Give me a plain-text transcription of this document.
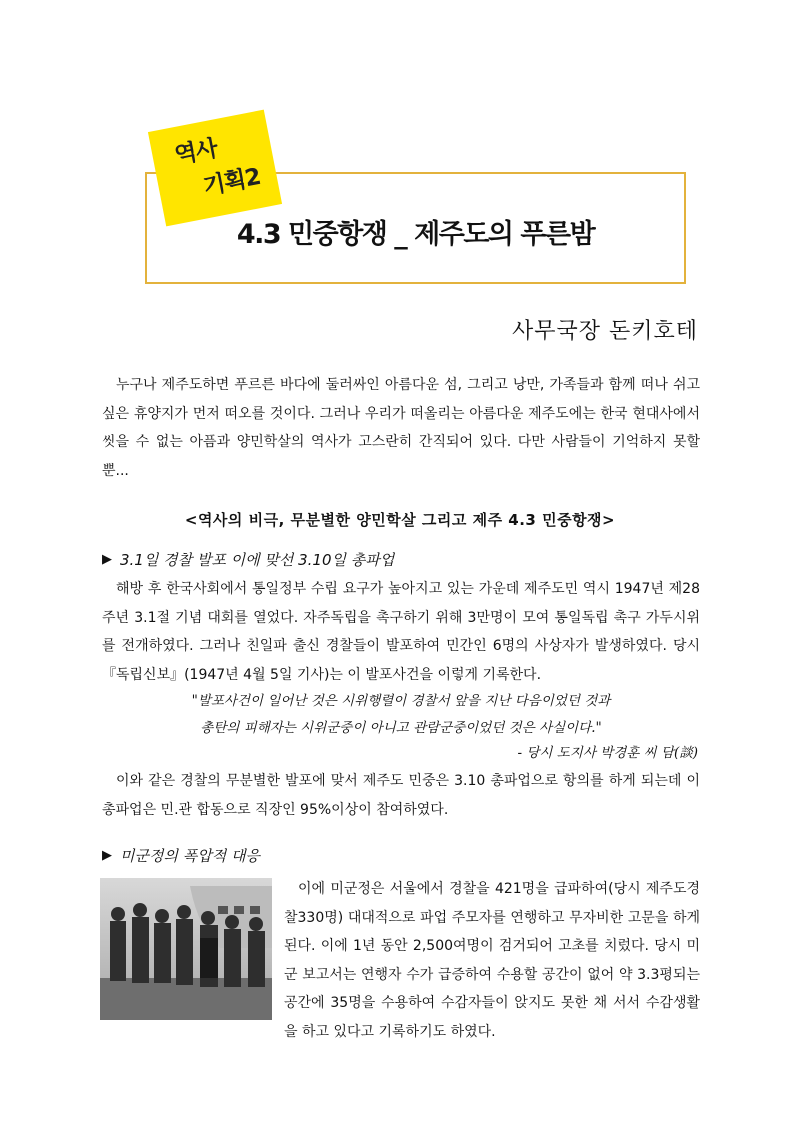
역사
기획2
4.3 민중항쟁 _ 제주도의 푸른밤
사무국장 돈키호테

누구나 제주도하면 푸르른 바다에 둘러싸인 아름다운 섬, 그리고 낭만, 가족들과 함께 떠나 쉬고 싶은 휴양지가 먼저 떠오를 것이다. 그러나 우리가 떠올리는 아름다운 제주도에는 한국 현대사에서 씻을 수 없는 아픔과 양민학살의 역사가 고스란히 간직되어 있다. 다만 사람들이 기억하지 못할 뿐...

<역사의 비극, 무분별한 양민학살 그리고 제주 4.3 민중항쟁>
▶ 3.1일 경찰 발포 이에 맞선 3.10일 총파업

해방 후 한국사회에서 통일정부 수립 요구가 높아지고 있는 가운데 제주도민 역시 1947년 제28주년 3.1절 기념 대회를 열었다. 자주독립을 촉구하기 위해 3만명이 모여 통일독립 촉구 가두시위를 전개하였다. 그러나 친일파 출신 경찰들이 발포하여 민간인 6명의 사상자가 발생하였다. 당시 『독립신보』(1947년 4월 5일 기사)는 이 발포사건을 이렇게 기록한다.

"발포사건이 일어난 것은 시위행렬이 경찰서 앞을 지난 다음이었던 것과
총탄의 피해자는 시위군중이 아니고 관람군중이었던 것은 사실이다."
- 당시 도지사 박경훈 씨 담(談)

이와 같은 경찰의 무분별한 발포에 맞서 제주도 민중은 3.10 총파업으로 항의를 하게 되는데 이 총파업은 민.관 합동으로 직장인 95%이상이 참여하였다.

▶ 미군정의 폭압적 대응

이에 미군정은 서울에서 경찰을 421명을 급파하여(당시 제주도경찰330명) 대대적으로 파업 주모자를 연행하고 무자비한 고문을 하게 된다. 이에 1년 동안 2,500여명이 검거되어 고초를 치렀다. 당시 미군 보고서는 연행자 수가 급증하여 수용할 공간이 없어 약 3.3평되는 공간에 35명을 수용하여 수감자들이 앉지도 못한 채 서서 수감생활을 하고 있다고 기록하기도 하였다.
